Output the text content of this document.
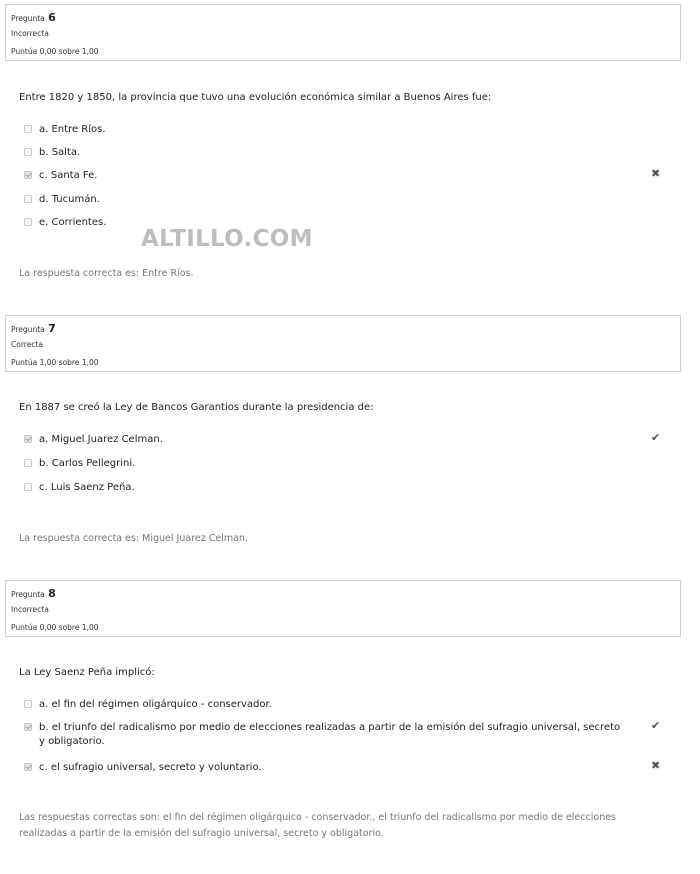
Pregunta 6
Incorrecta
Puntúa 0,00 sobre 1,00
Entre 1820 y 1850, la provincia que tuvo una evolución económica similar a Buenos Aires fue:
a. Entre Ríos.
b. Salta.
c. Santa Fe.	✖
d. Tucumán.
e. Corrientes.
ALTILLO.COM
La respuesta correcta es: Entre Ríos.
Pregunta 7
Correcta
Puntúa 1,00 sobre 1,00
En 1887 se creó la Ley de Bancos Garantios durante la presidencia de:
a. Miguel Juarez Celman.	✔
b. Carlos Pellegrini.
c. Luis Saenz Peña.
La respuesta correcta es: Miguel Juarez Celman.
Pregunta 8
Incorrecta
Puntúa 0,00 sobre 1,00
La Ley Saenz Peña implicó:
a. el fin del régimen oligárquico - conservador.
b. el triunfo del radicalismo por medio de elecciones realizadas a partir de la emisión del sufragio universal, secreto y obligatorio.
✔
c. el sufragio universal, secreto y voluntario.	✖
Las respuestas correctas son: el fin del régimen oligárquico - conservador., el triunfo del radicalismo por medio de elecciones realizadas a partir de la emisión del sufragio universal, secreto y obligatorio.
